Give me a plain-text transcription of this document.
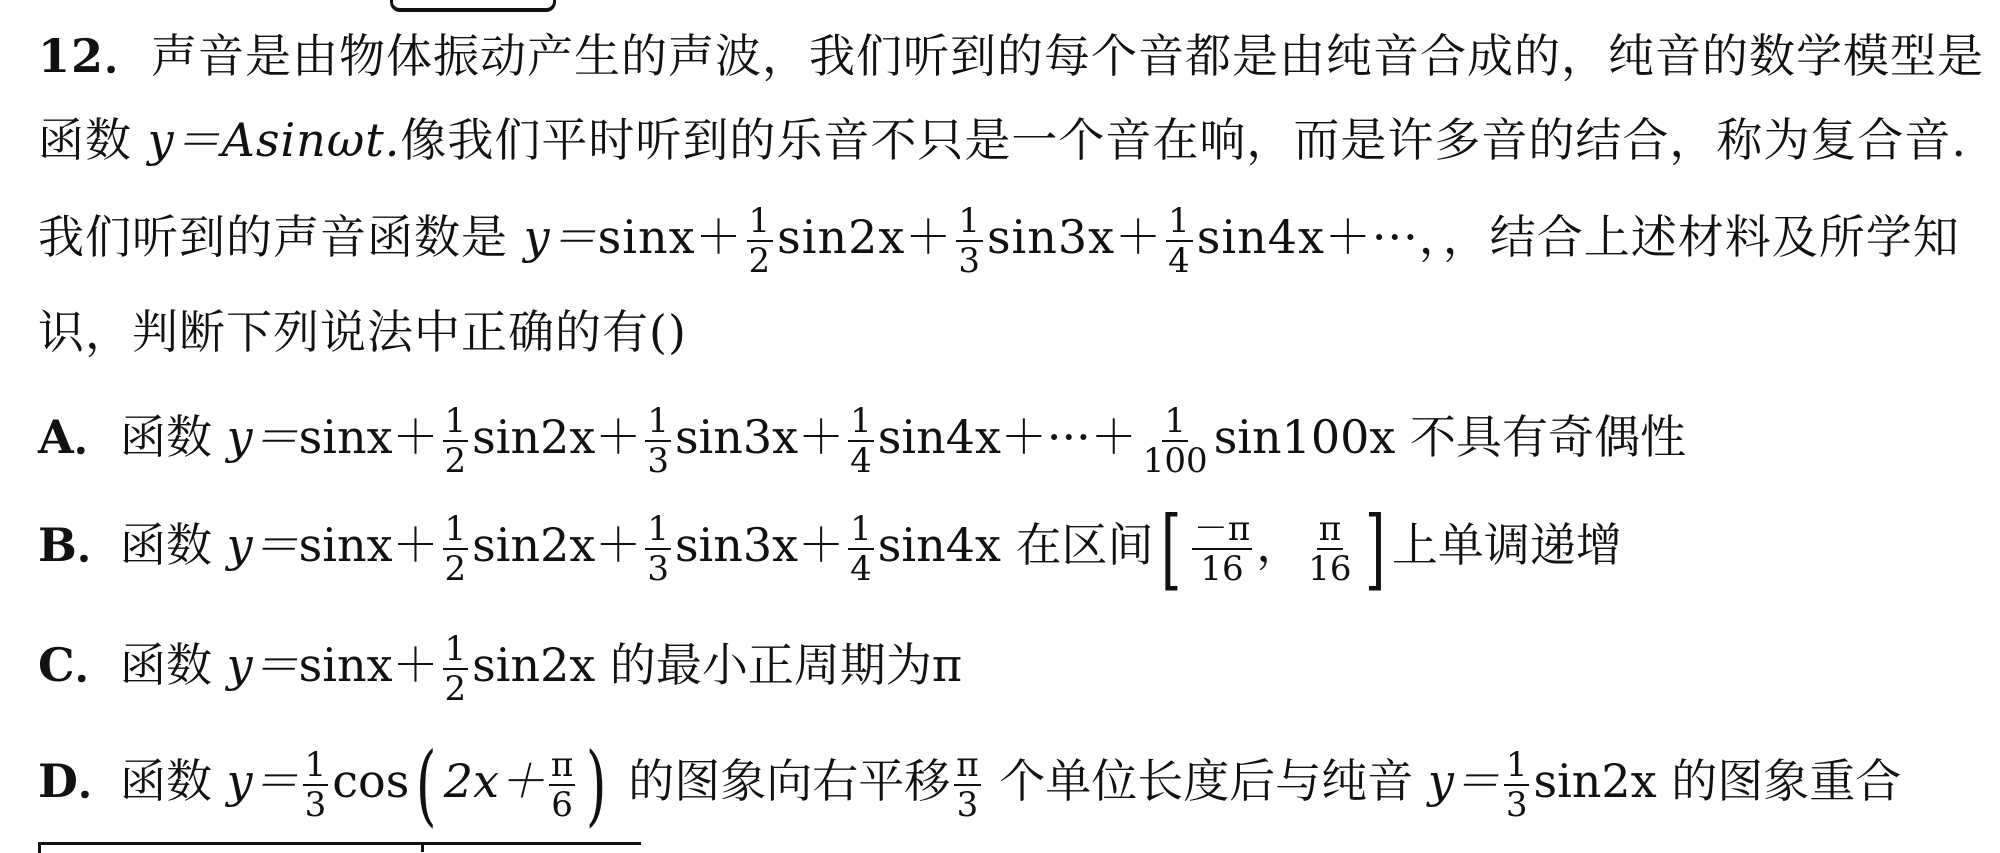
12．声音是由物体振动产生的声波，我们听到的每个音都是由纯音合成的，纯音的数学模型是
函数 y＝Asinωt.像我们平时听到的乐音不只是一个音在响，而是许多音的结合，称为复合音.
我们听到的声音函数是 $y=\sin x+ \frac{1}{2} \sin 2x+ \frac{1}{3} \sin 3x+ \frac{1}{4} \sin 4x+\cdot\cdot\cdot$，，结合上述材料及所学知
识，判断下列说法中正确的有()
A．函数 $y=\sin x+ \frac{1}{2} \sin 2x+ \frac{1}{3} \sin 3x+ \frac{1}{4} \sin 4x+\cdot\cdot\cdot+ \frac{1}{100} \sin 100x$ 不具有奇偶性
B．函数 $y=\sin x+ \frac{1}{2} \sin 2x+ \frac{1}{3} \sin 3x+ \frac{1}{4} \sin 4x$ 在区间[ $\frac{-\pi}{16}$ ， $\frac{\pi}{16}$ ] 上单调递增
C．函数 $y=\sin x+ \frac{1}{2} \sin 2x$ 的最小正周期为π
D．函数 $y= \frac{1}{3} \cos$( $2x+ \frac{\pi}{6}$ ) 的图象向右平移 $\frac{\pi}{3}$ 个单位长度后与纯音 $y= \frac{1}{3} \sin 2x$ 的图象重合
